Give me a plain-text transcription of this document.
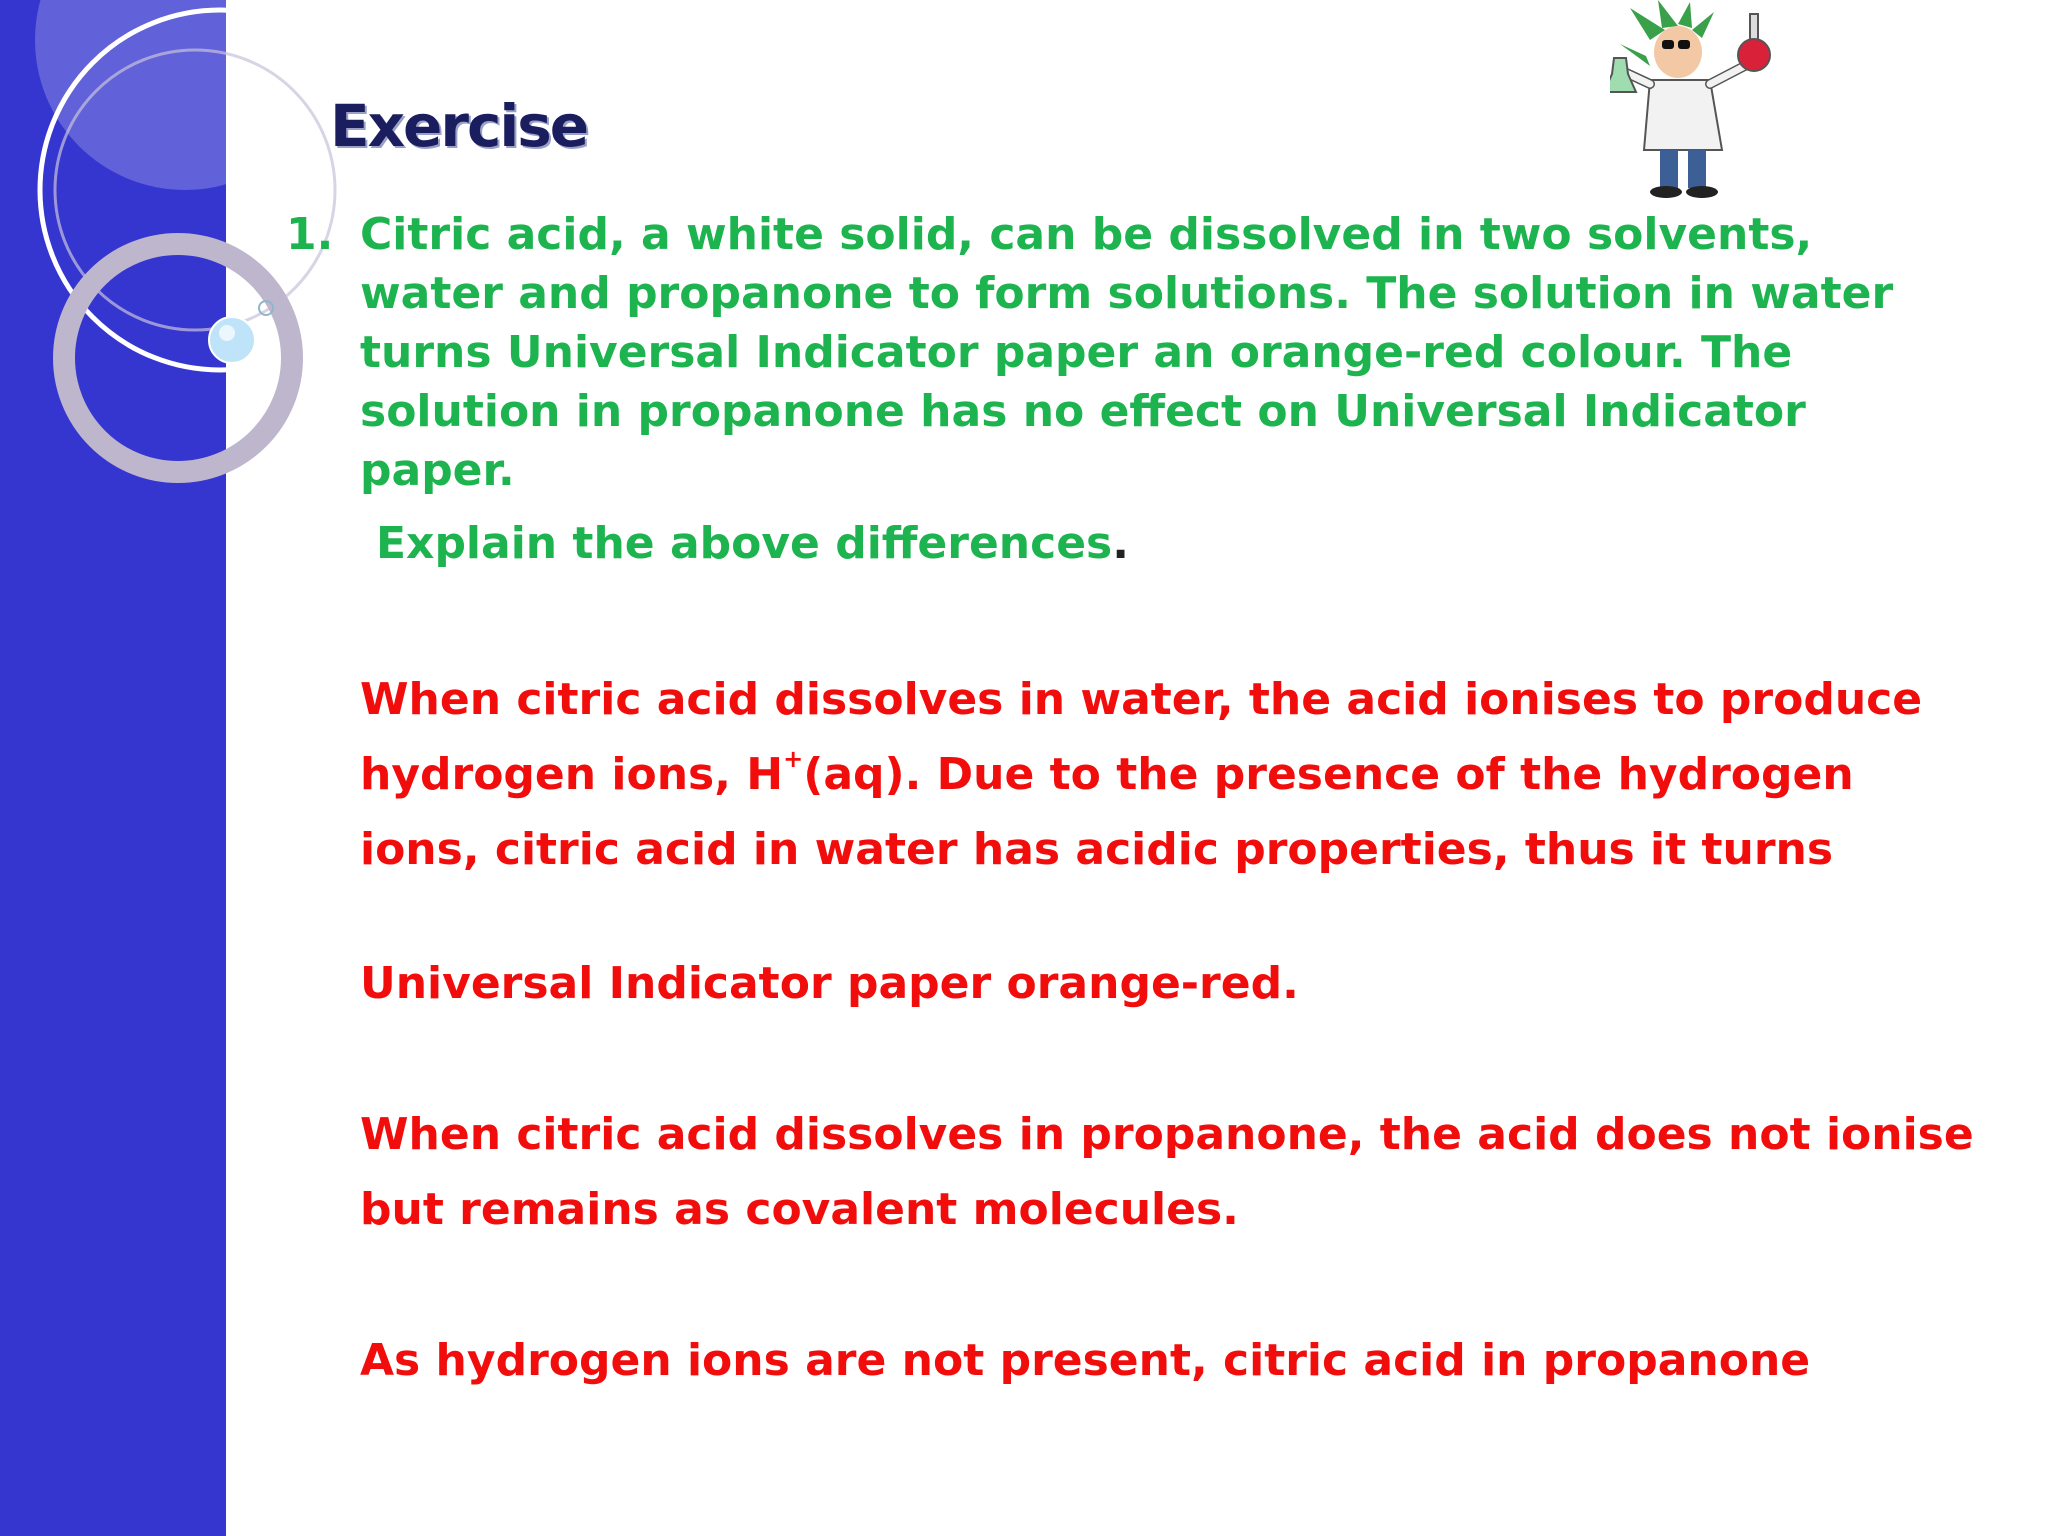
Exercise
1. Citric acid, a white solid, can be dissolved in two solvents, water and propanone to form solutions. The solution in water turns Universal Indicator paper an orange-red colour. The solution in propanone has no effect on Universal Indicator paper.

Explain the above differences.

When citric acid dissolves in water, the acid ionises to produce

hydrogen ions, H+(aq). Due to the presence of the hydrogen

ions, citric acid in water has acidic properties, thus it turns

Universal Indicator paper orange-red.

When citric acid dissolves in propanone, the acid does not ionise

but remains as covalent molecules.

As hydrogen ions are not present, citric acid in propanone
